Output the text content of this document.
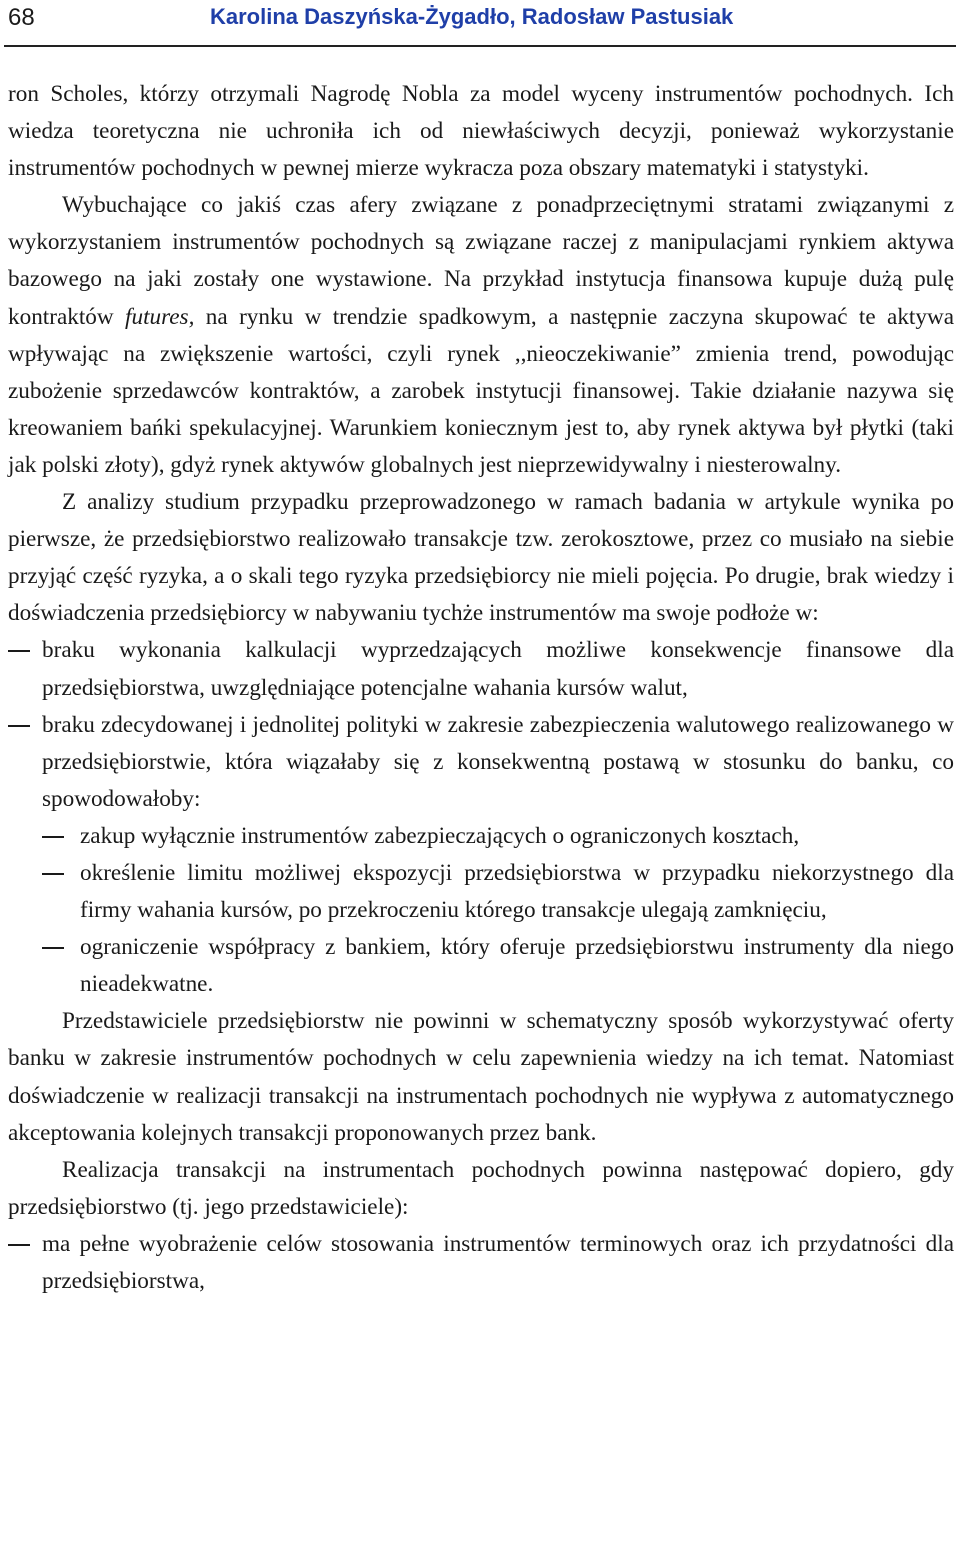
68	Karolina Daszyńska-Żygadło, Radosław Pastusiak

ron Scholes, którzy otrzymali Nagrodę Nobla za model wyceny instrumentów pochodnych. Ich wiedza teoretyczna nie uchroniła ich od niewłaściwych decyzji, ponieważ wykorzystanie instrumentów pochodnych w pewnej mierze wykracza poza obszary matematyki i statystyki.

Wybuchające co jakiś czas afery związane z ponadprzeciętnymi stratami związanymi z wykorzystaniem instrumentów pochodnych są związane raczej z manipulacjami rynkiem aktywa bazowego na jaki zostały one wystawione. Na przykład instytucja finansowa kupuje dużą pulę kontraktów futures, na rynku w trendzie spadkowym, a następnie zaczyna skupować te aktywa wpływając na zwiększenie wartości, czyli rynek ,,nieoczekiwanie” zmienia trend, powodując zubożenie sprzedawców kontraktów, a zarobek instytucji finansowej. Takie działanie nazywa się kreowaniem bańki spekulacyjnej. Warunkiem koniecznym jest to, aby rynek aktywa był płytki (taki jak polski złoty), gdyż rynek aktywów globalnych jest nieprzewidywalny i niesterowalny.

Z analizy studium przypadku przeprowadzonego w ramach badania w artykule wynika po pierwsze, że przedsiębiorstwo realizowało transakcje tzw. zerokosztowe, przez co musiało na siebie przyjąć część ryzyka, a o skali tego ryzyka przedsiębiorcy nie mieli pojęcia. Po drugie, brak wiedzy i doświadczenia przedsiębiorcy w nabywaniu tychże instrumentów ma swoje podłoże w:

braku wykonania kalkulacji wyprzedzających możliwe konsekwencje finansowe dla przedsiębiorstwa, uwzględniające potencjalne wahania kursów walut,
braku zdecydowanej i jednolitej polityki w zakresie zabezpieczenia walutowego realizowanego w przedsiębiorstwie, która wiązałaby się z konsekwentną postawą w stosunku do banku, co spowodowałoby:
zakup wyłącznie instrumentów zabezpieczających o ograniczonych kosztach,
określenie limitu możliwej ekspozycji przedsiębiorstwa w przypadku niekorzystnego dla firmy wahania kursów, po przekroczeniu którego transakcje ulegają zamknięciu,
ograniczenie współpracy z bankiem, który oferuje przedsiębiorstwu instrumenty dla niego nieadekwatne.

Przedstawiciele przedsiębiorstw nie powinni w schematyczny sposób wykorzystywać oferty banku w zakresie instrumentów pochodnych w celu zapewnienia wiedzy na ich temat. Natomiast doświadczenie w realizacji transakcji na instrumentach pochodnych nie wypływa z automatycznego akceptowania kolejnych transakcji proponowanych przez bank.

Realizacja transakcji na instrumentach pochodnych powinna następować dopiero, gdy przedsiębiorstwo (tj. jego przedstawiciele):

ma pełne wyobrażenie celów stosowania instrumentów terminowych oraz ich przydatności dla przedsiębiorstwa,
